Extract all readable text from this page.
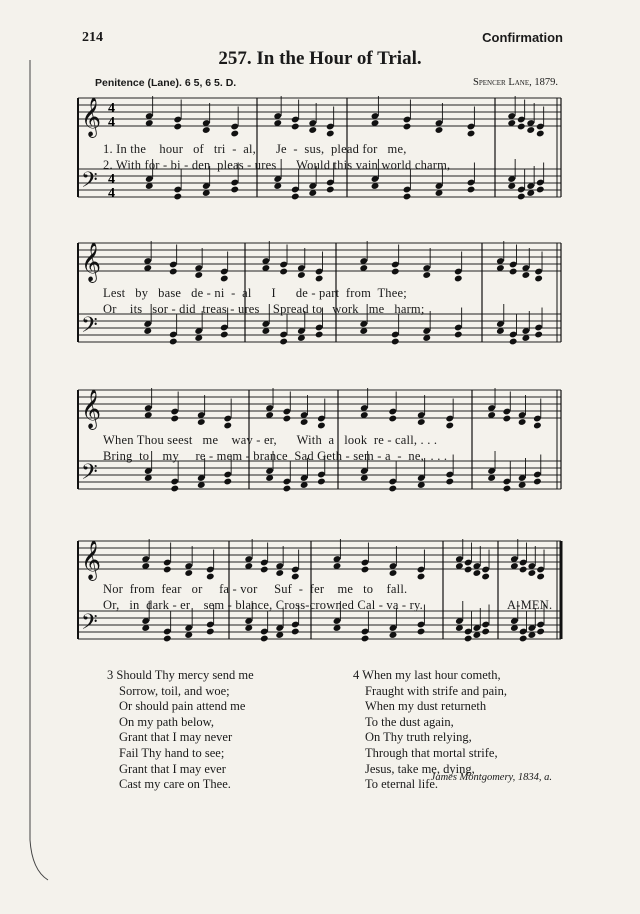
214	Confirmation
257. In the Hour of Trial.
Penitence (Lane). 6 5, 6 5. D.	Spencer Lane, 1879.
𝄞 4
4
𝄢 4
4
𝄞
𝄢
𝄞
𝄢
𝄞
𝄢
1. In the    hour   of   tri  -  al,      Je  -  sus,  plead for   me,
2. With for - bi - den  pleas - ures      Would this vain world charm,
Lest   by   base   de - ni  -  al      I      de - part  from  Thee;
Or    its   sor - did  treas - ures    Spread to   work   me   harm;
When Thou seest   me    wav - er,      With  a   look  re - call, . . .
Bring  to    my     re - mem - brance  Sad Geth - sem - a  -  ne,  . . .
Nor  from  fear   or     fa - vor     Suf  -  fer    me   to    fall.
Or,   in  dark - er    sem - blance, Cross-crowned Cal - va - ry.	A-MEN.
3 Should Thy mercy send me
Sorrow, toil, and woe;
Or should pain attend me
On my path below,
Grant that I may never
Fail Thy hand to see;
Grant that I may ever
Cast my care on Thee.
4 When my last hour cometh,
Fraught with strife and pain,
When my dust returneth
To the dust again,
On Thy truth relying,
Through that mortal strife,
Jesus, take me, dying,
To eternal life.
James Montgomery, 1834, a.
